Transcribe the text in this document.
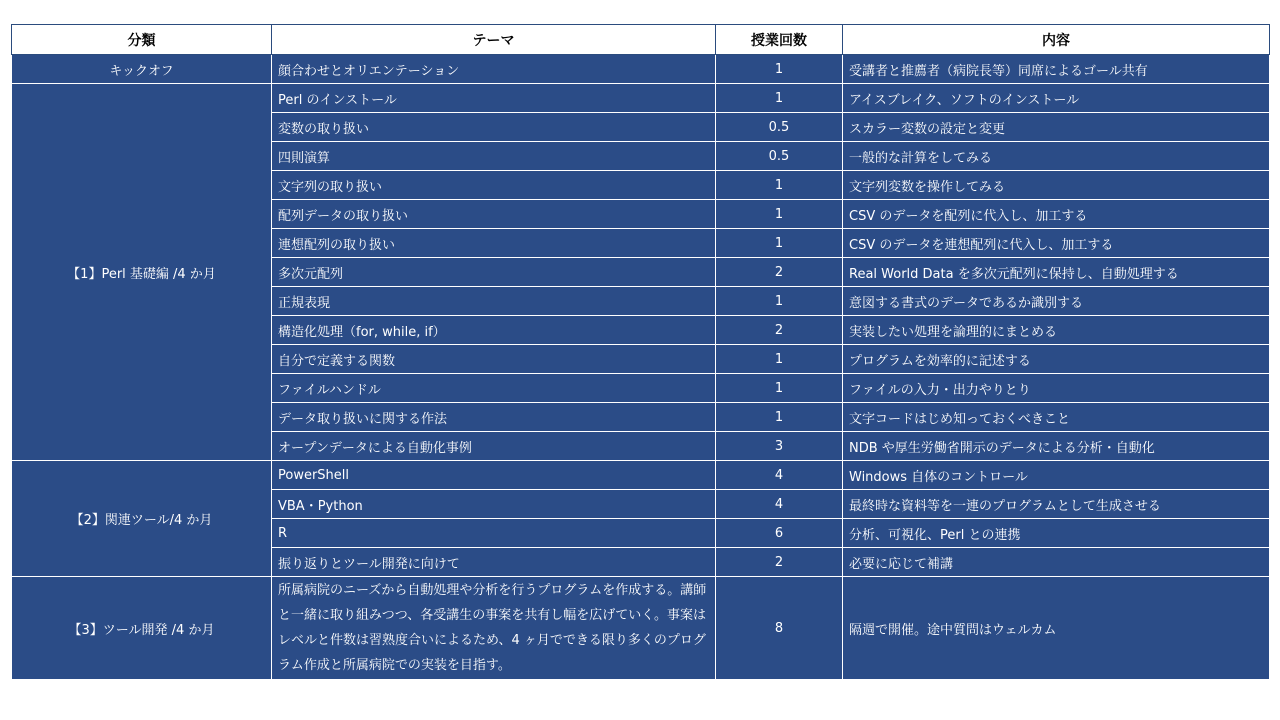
分類	テーマ	授業回数	内容
キックオフ	顔合わせとオリエンテーション	1	受講者と推薦者（病院長等）同席によるゴール共有
【1】Perl 基礎編 /4 か月	Perl のインストール	1	アイスブレイク、ソフトのインストール
	変数の取り扱い	0.5	スカラー変数の設定と変更
	四則演算	0.5	一般的な計算をしてみる
	文字列の取り扱い	1	文字列変数を操作してみる
	配列データの取り扱い	1	CSV のデータを配列に代入し、加工する
	連想配列の取り扱い	1	CSV のデータを連想配列に代入し、加工する
	多次元配列	2	Real World Data を多次元配列に保持し、自動処理する
	正規表現	1	意図する書式のデータであるか識別する
	構造化処理（for, while, if）	2	実装したい処理を論理的にまとめる
	自分で定義する関数	1	プログラムを効率的に記述する
	ファイルハンドル	1	ファイルの入力・出力やりとり
	データ取り扱いに関する作法	1	文字コードはじめ知っておくべきこと
	オープンデータによる自動化事例	3	NDB や厚生労働省開示のデータによる分析・自動化
【2】関連ツール/4 か月	PowerShell	4	Windows 自体のコントロール
	VBA・Python	4	最終時な資料等を一連のプログラムとして生成させる
	R	6	分析、可視化、Perl との連携
	振り返りとツール開発に向けて	2	必要に応じて補講
【3】ツール開発 /4 か月	所属病院のニーズから自動処理や分析を行うプログラムを作成する。講師と一緒に取り組みつつ、各受講生の事案を共有し幅を広げていく。事案はレベルと件数は習熟度合いによるため、4 ヶ月でできる限り多くのプログラム作成と所属病院での実装を目指す。	8	隔週で開催。途中質問はウェルカム
